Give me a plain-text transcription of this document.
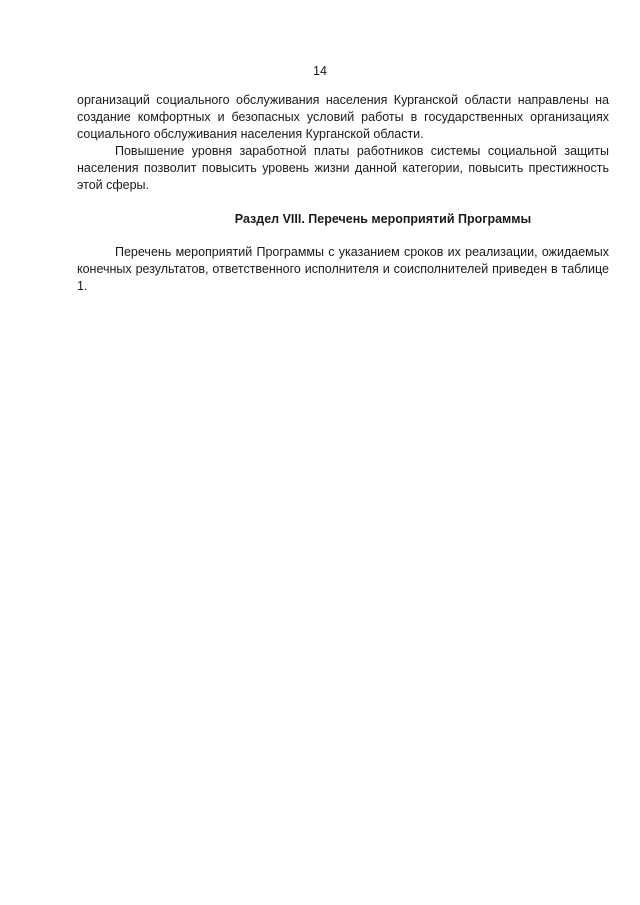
14

организаций социального обслуживания населения Курганской области направлены на создание комфортных и безопасных условий работы в государственных организациях социального обслуживания населения Курганской области.

Повышение уровня заработной платы работников системы социальной защиты населения позволит повысить уровень жизни данной категории, повысить престижность этой сферы.

Раздел VIII. Перечень мероприятий Программы

Перечень мероприятий Программы с указанием сроков их реализации, ожидаемых конечных результатов, ответственного исполнителя и соисполнителей приведен в таблице 1.
